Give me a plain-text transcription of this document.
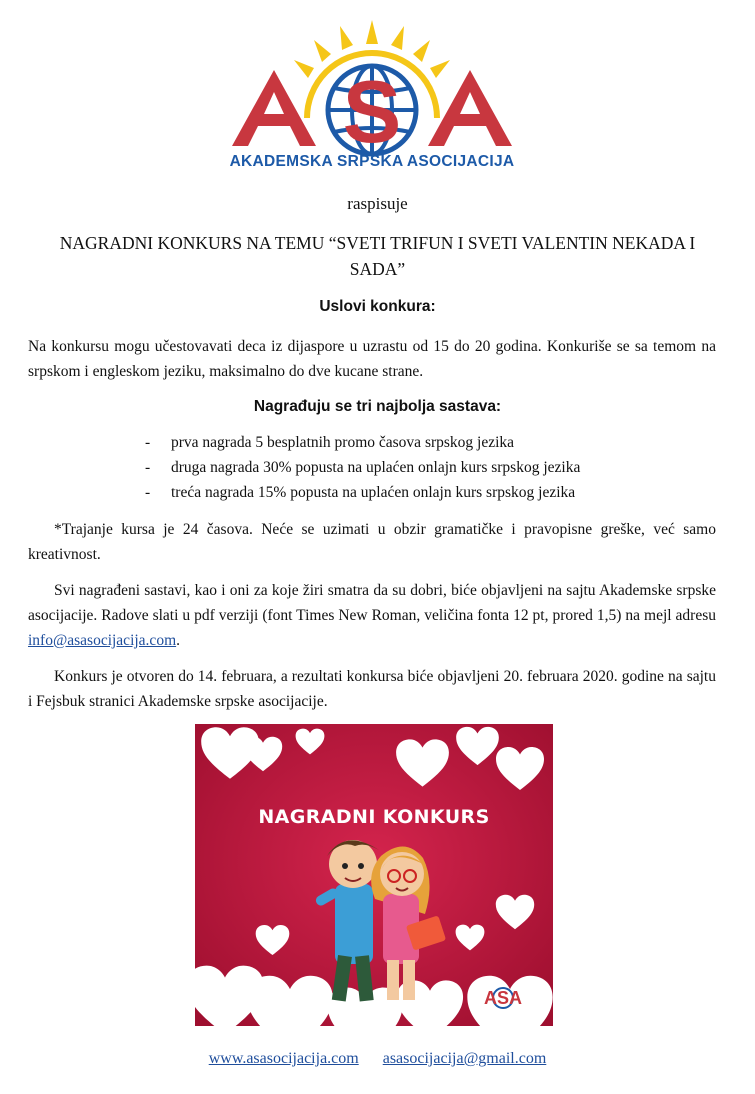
S
AKADEMSKA SRPSKA ASOCIJACIJA
raspisuje
NAGRADNI KONKURS NA TEMU “SVETI TRIFUN I SVETI VALENTIN NEKADA I SADA”
Uslovi konkura:
Na konkursu mogu učestovavati deca iz dijaspore u uzrastu od 15 do 20 godina. Konkuriše se sa temom na srpskom i engleskom jeziku, maksimalno do dve kucane strane.
Nagrađuju se tri najbolja sastava:
-	prva nagrada 5 besplatnih promo časova srpskog jezika
-	druga nagrada 30% popusta na uplaćen onlajn kurs srpskog jezika
-	treća nagrada 15% popusta na uplaćen onlajn kurs srpskog jezika
*Trajanje kursa je 24 časova. Neće se uzimati u obzir gramatičke i pravopisne greške, već samo kreativnost.
Svi nagrađeni sastavi, kao i oni za koje žiri smatra da su dobri, biće objavljeni na sajtu Akademske srpske asocijacije. Radove slati u pdf verziji (font Times New Roman, veličina fonta 12 pt, prored 1,5) na mejl adresu info@asasocijacija.com.
Konkurs je otvoren do 14. februara, a rezultati konkursa biće objavljeni 20. februara 2020. godine na sajtu i Fejsbuk stranici Akademske srpske asocijacije.
ASA
NAGRADNI KONKURS
www.asasocijacija.com asasocijacija@gmail.com
